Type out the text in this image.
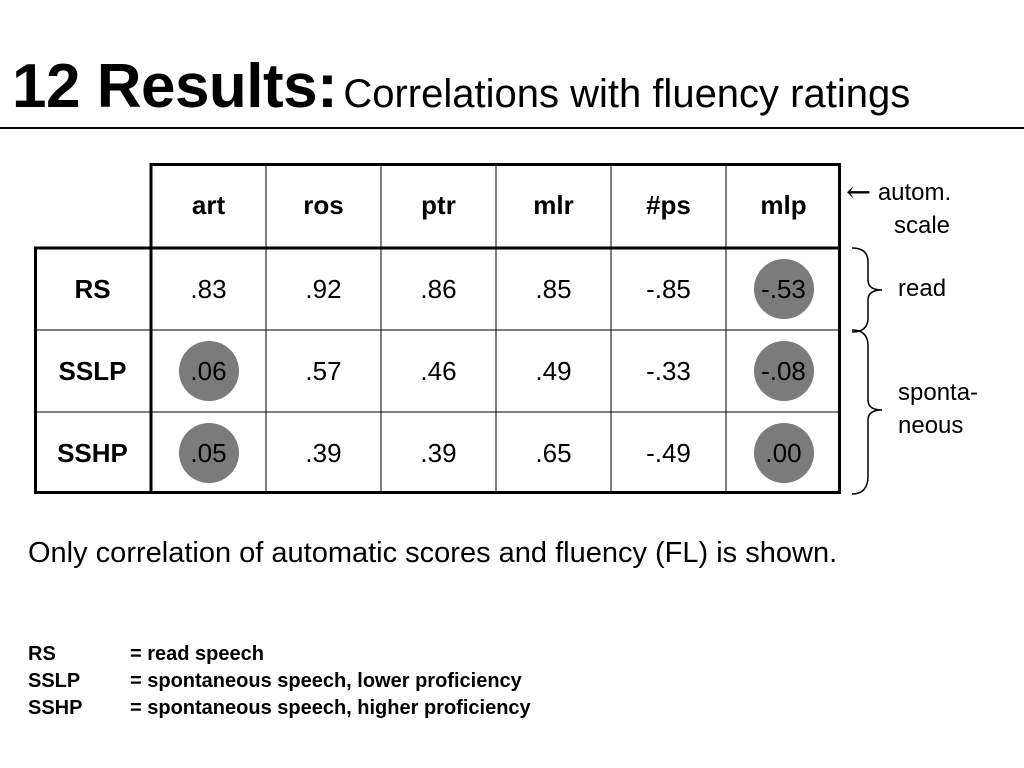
12 Results: Correlations with fluency ratings
art	ros	ptr	mlr	#ps	mlp
RS	.83	.92	.86	.85	-.85	-.53
SSLP .06	.57	.46	.49	-.33	-.08
SSHP .05	.39	.39	.65	-.49	.00
← autom.
scale
read
sponta-
neous
Only correlation of automatic scores and fluency (FL) is shown.
RS	= read speech
SSLP = spontaneous speech, lower proficiency
SSHP = spontaneous speech, higher proficiency
